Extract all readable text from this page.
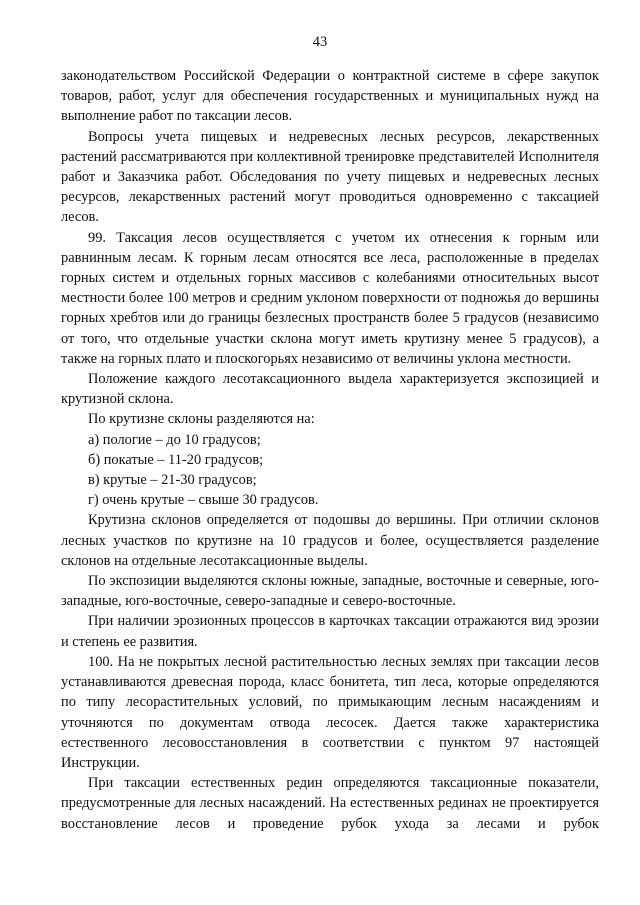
43

законодательством Российской Федерации о контрактной системе в сфере закупок товаров, работ, услуг для обеспечения государственных и муниципальных нужд на выполнение работ по таксации лесов.

Вопросы учета пищевых и недревесных лесных ресурсов, лекарственных растений рассматриваются при коллективной тренировке представителей Исполнителя работ и Заказчика работ. Обследования по учету пищевых и недревесных лесных ресурсов, лекарственных растений могут проводиться одновременно с таксацией лесов.

99. Таксация лесов осуществляется с учетом их отнесения к горным или равнинным лесам. К горным лесам относятся все леса, расположенные в пределах горных систем и отдельных горных массивов с колебаниями относительных высот местности более 100 метров и средним уклоном поверхности от подножья до вершины горных хребтов или до границы безлесных пространств более 5 градусов (независимо от того, что отдельные участки склона могут иметь крутизну менее 5 градусов), а также на горных плато и плоскогорьях независимо от величины уклона местности.

Положение каждого лесотаксационного выдела характеризуется экспозицией и крутизной склона.

По крутизне склоны разделяются на:

а) пологие – до 10 градусов;

б) покатые – 11-20 градусов;

в) крутые – 21-30 градусов;

г) очень крутые – свыше 30 градусов.

Крутизна склонов определяется от подошвы до вершины. При отличии склонов лесных участков по крутизне на 10 градусов и более, осуществляется разделение склонов на отдельные лесотаксационные выделы.

По экспозиции выделяются склоны южные, западные, восточные и северные, юго-западные, юго-восточные, северо-западные и северо-восточные.

При наличии эрозионных процессов в карточках таксации отражаются вид эрозии и степень ее развития.

100. На не покрытых лесной растительностью лесных землях при таксации лесов устанавливаются древесная порода, класс бонитета, тип леса, которые определяются по типу лесорастительных условий, по примыкающим лесным насаждениям и уточняются по документам отвода лесосек. Дается также характеристика естественного лесовосстановления в соответствии с пунктом 97 настоящей Инструкции.

При таксации естественных редин определяются таксационные показатели, предусмотренные для лесных насаждений. На естественных рединах не проектируется восстановление лесов и проведение рубок ухода за лесами и рубок
